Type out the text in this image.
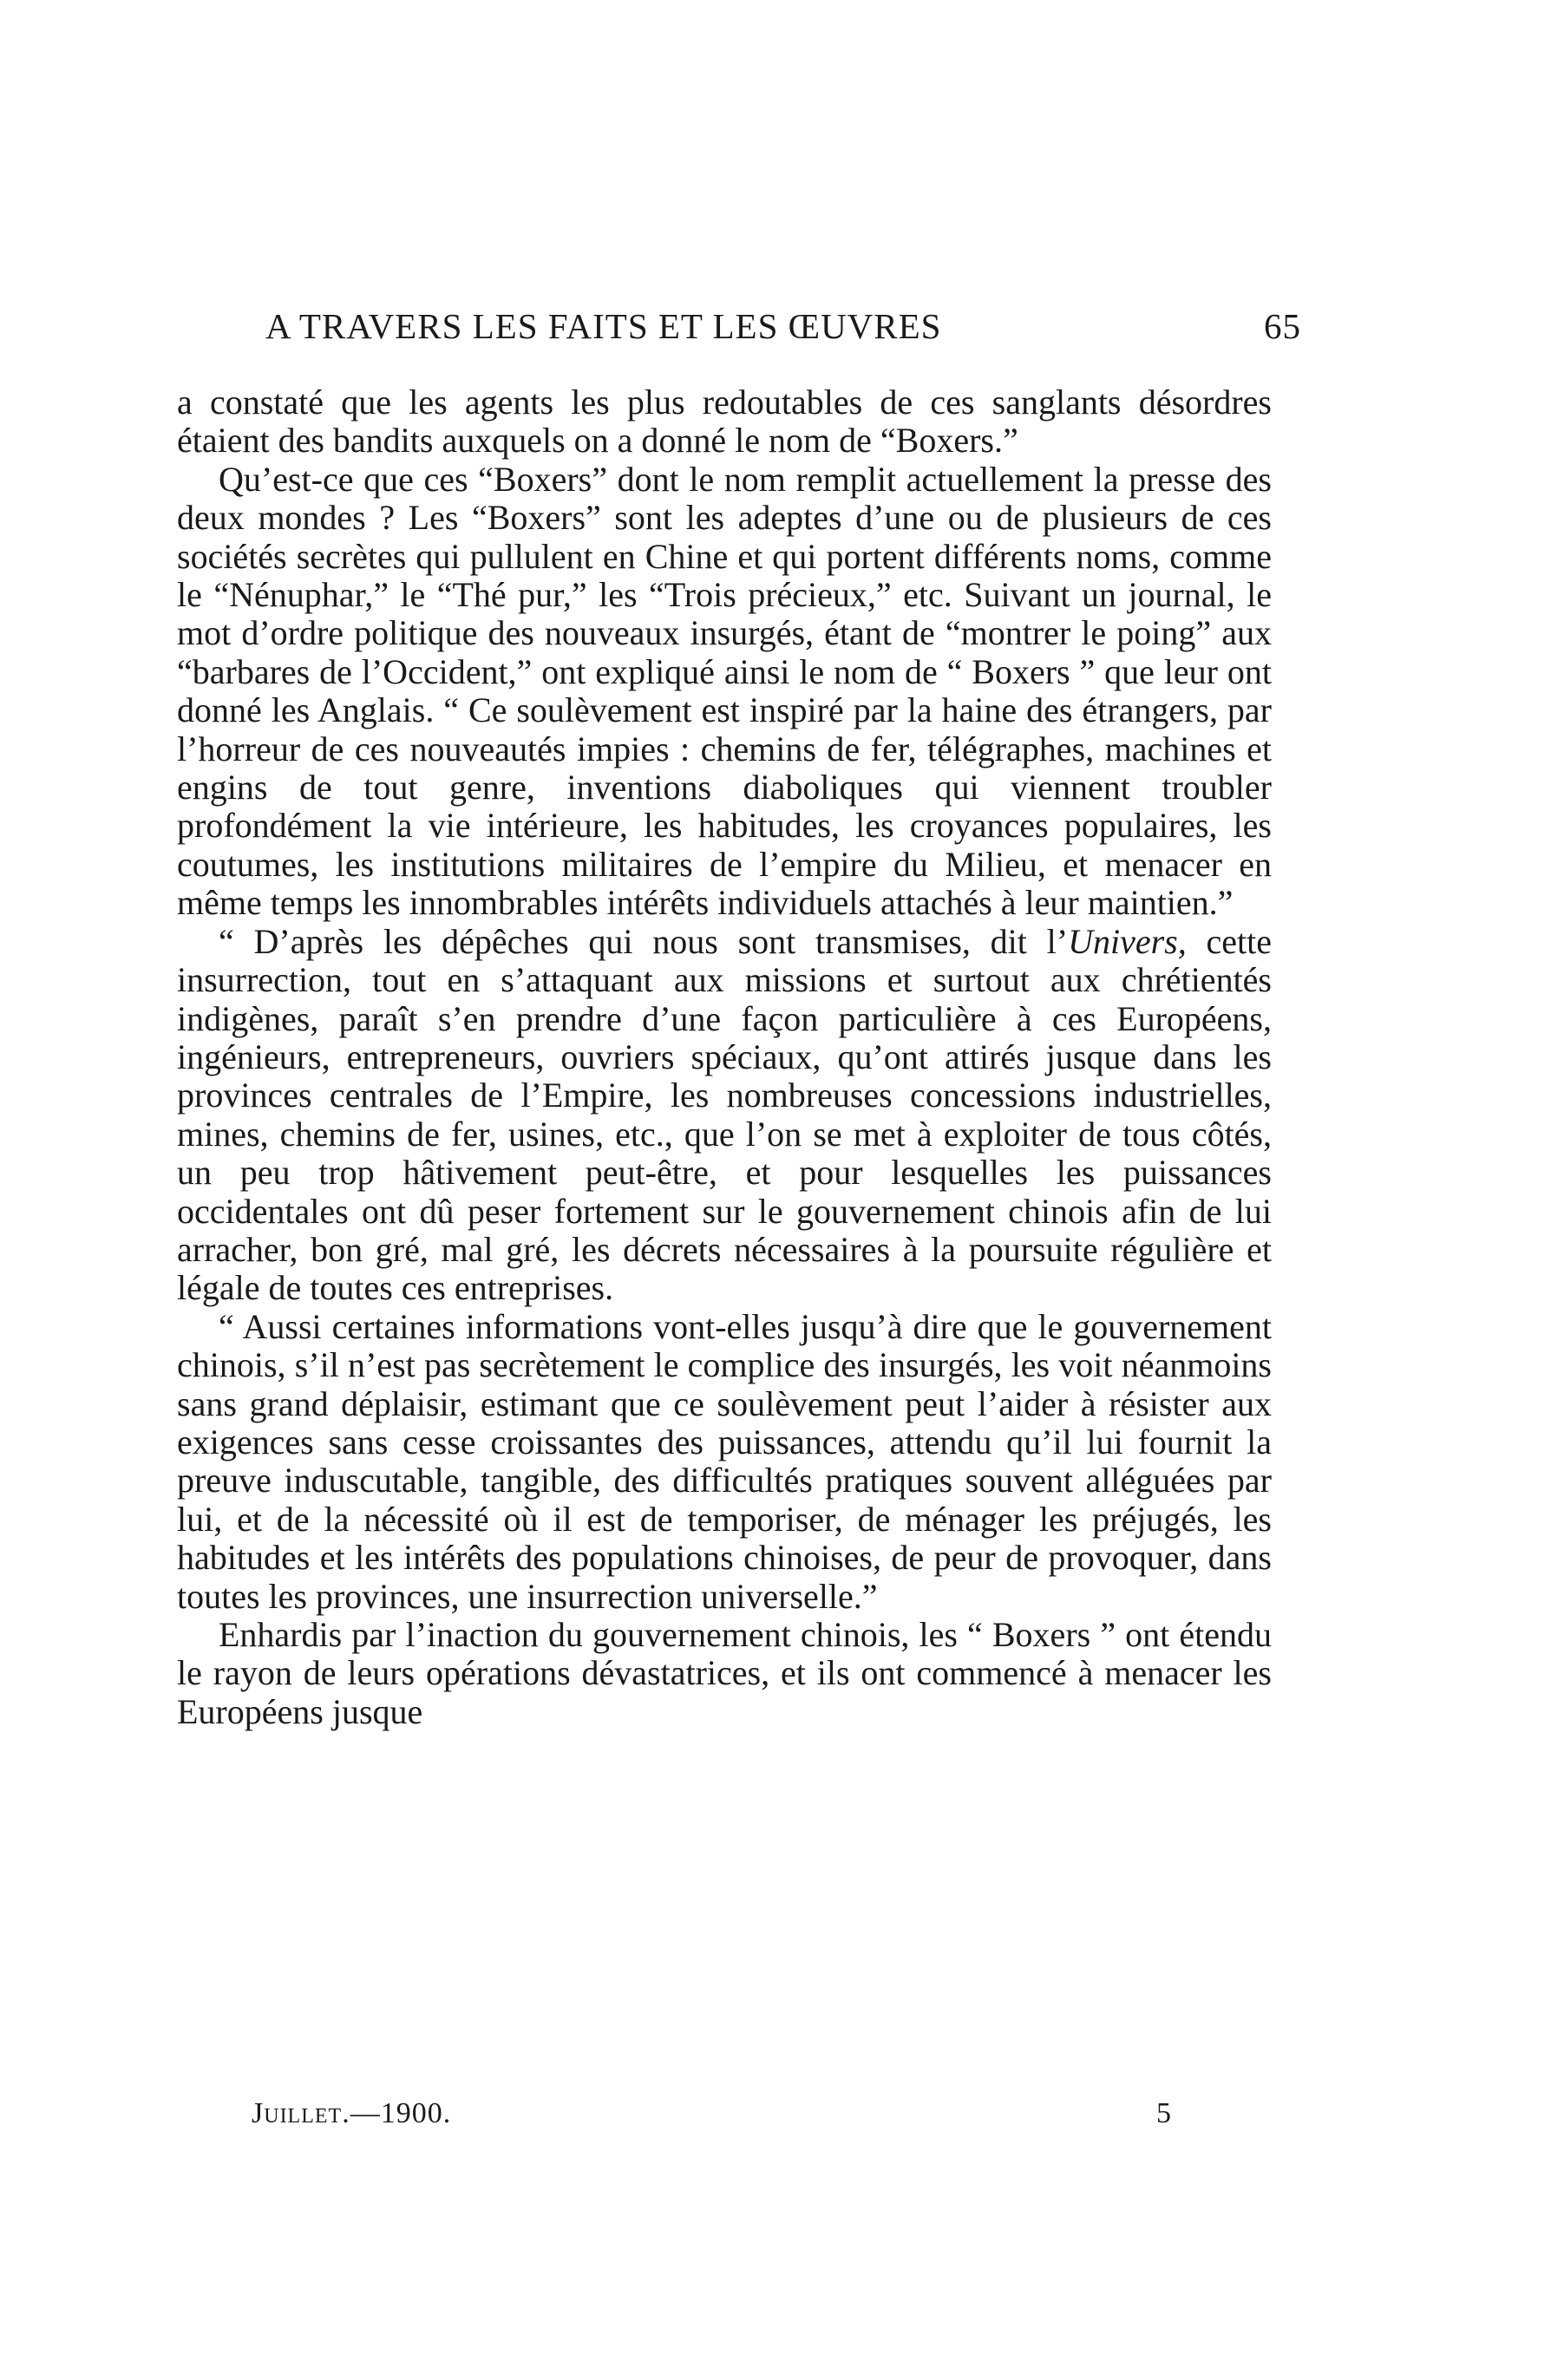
A TRAVERS LES FAITS ET LES ŒUVRES	65

a constaté que les agents les plus redoutables de ces sanglants désordres étaient des bandits auxquels on a donné le nom de “Boxers.”

Qu’est-ce que ces “Boxers” dont le nom remplit actuellement la presse des deux mondes ? Les “Boxers” sont les adeptes d’une ou de plusieurs de ces sociétés secrètes qui pullulent en Chine et qui portent différents noms, comme le “Nénuphar,” le “Thé pur,” les “Trois précieux,” etc. Suivant un journal, le mot d’ordre politique des nouveaux insurgés, étant de “montrer le poing” aux “barbares de l’Occident,” ont expliqué ainsi le nom de “ Boxers ” que leur ont donné les Anglais. “ Ce soulèvement est inspiré par la haine des étrangers, par l’horreur de ces nouveautés impies : chemins de fer, télégraphes, machines et engins de tout genre, inventions diaboliques qui viennent troubler profondément la vie intérieure, les habitudes, les croyances populaires, les coutumes, les institutions militaires de l’empire du Milieu, et menacer en même temps les innombrables intérêts individuels attachés à leur maintien.”

“ D’après les dépêches qui nous sont transmises, dit l’Univers, cette insurrection, tout en s’attaquant aux missions et surtout aux chrétientés indigènes, paraît s’en prendre d’une façon particulière à ces Européens, ingénieurs, entrepreneurs, ouvriers spéciaux, qu’ont attirés jusque dans les provinces centrales de l’Empire, les nombreuses concessions industrielles, mines, chemins de fer, usines, etc., que l’on se met à exploiter de tous côtés, un peu trop hâtivement peut-être, et pour lesquelles les puissances occidentales ont dû peser fortement sur le gouvernement chinois afin de lui arracher, bon gré, mal gré, les décrets nécessaires à la poursuite régulière et légale de toutes ces entreprises.

“ Aussi certaines informations vont-elles jusqu’à dire que le gouvernement chinois, s’il n’est pas secrètement le complice des insurgés, les voit néanmoins sans grand déplaisir, estimant que ce soulèvement peut l’aider à résister aux exigences sans cesse croissantes des puissances, attendu qu’il lui fournit la preuve induscutable, tangible, des difficultés pratiques souvent alléguées par lui, et de la nécessité où il est de temporiser, de ménager les préjugés, les habitudes et les intérêts des populations chinoises, de peur de provoquer, dans toutes les provinces, une insurrection universelle.”

Enhardis par l’inaction du gouvernement chinois, les “ Boxers ” ont étendu le rayon de leurs opérations dévastatrices, et ils ont commencé à menacer les Européens jusque

Juillet.—1900.	5
